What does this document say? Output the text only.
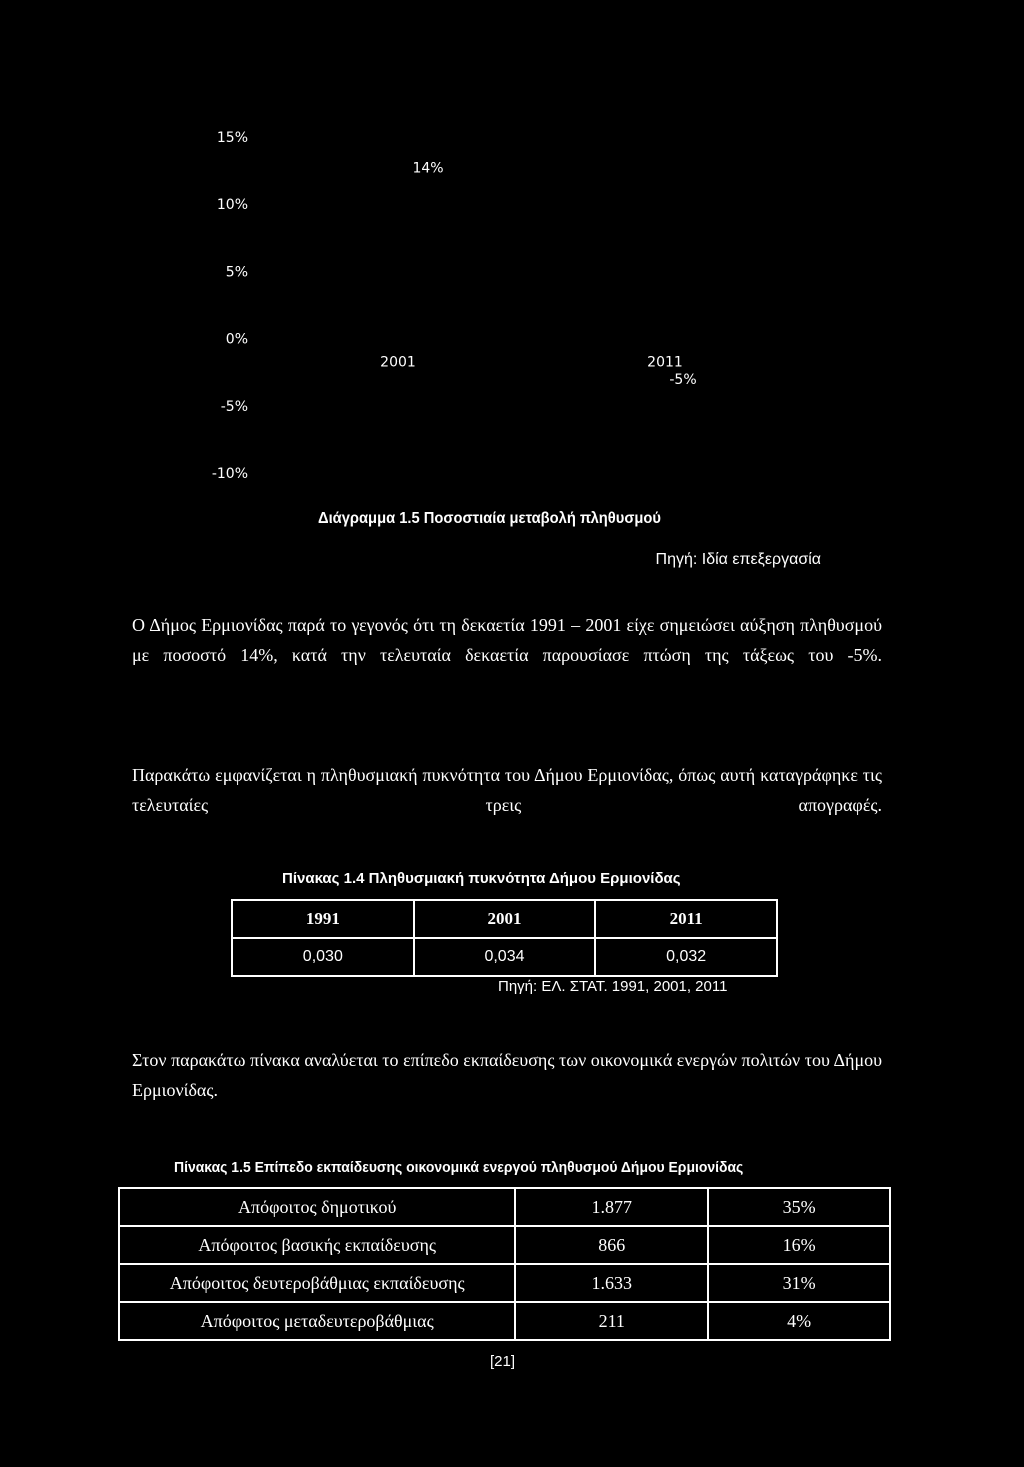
15%
10%
5%
0%
-5%
-10%
2001
14%
2011
-5%
Διάγραμμα 1.5 Ποσοστιαία μεταβολή πληθυσμού
Πηγή: Ιδία επεξεργασία
Ο Δήμος Ερμιονίδας παρά το γεγονός ότι τη δεκαετία 1991 – 2001 είχε σημειώσει αύξηση πληθυσμού με ποσοστό 14%, κατά την τελευταία δεκαετία παρουσίασε πτώση της τάξεως του -5%.
Παρακάτω εμφανίζεται η πληθυσμιακή πυκνότητα του Δήμου Ερμιονίδας, όπως αυτή καταγράφηκε τις τελευταίες τρεις απογραφές.
Πίνακας 1.4 Πληθυσμιακή πυκνότητα Δήμου Ερμιονίδας
1991	2001	2011
0,030	0,034	0,032
Πηγή: ΕΛ. ΣΤΑΤ. 1991, 2001, 2011
Στον παρακάτω πίνακα αναλύεται το επίπεδο εκπαίδευσης των οικονομικά ενεργών πολιτών του Δήμου Ερμιονίδας.
Πίνακας 1.5 Επίπεδο εκπαίδευσης οικονομικά ενεργού πληθυσμού Δήμου Ερμιονίδας
Απόφοιτος δημοτικού	1.877	35%
Απόφοιτος βασικής εκπαίδευσης	866	16%
Απόφοιτος δευτεροβάθμιας εκπαίδευσης	1.633	31%
Απόφοιτος μεταδευτεροβάθμιας	211	4%
[21]
